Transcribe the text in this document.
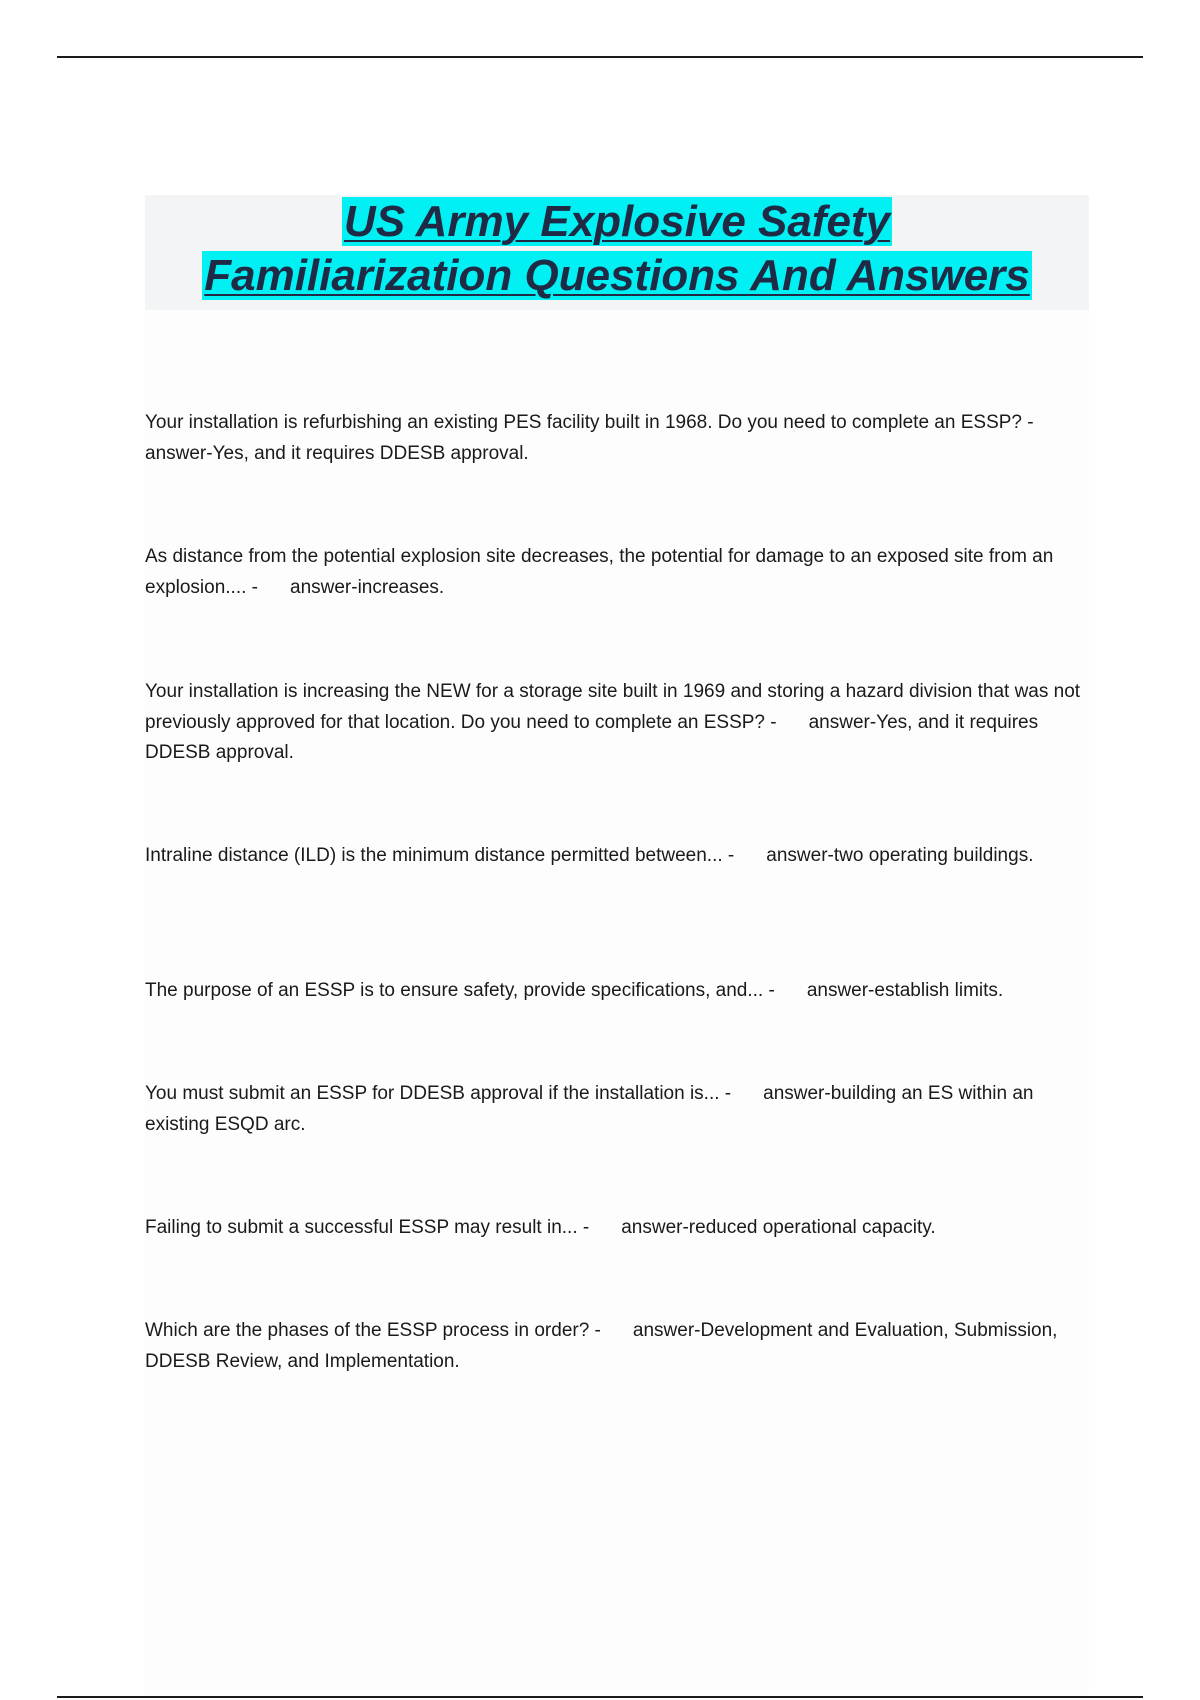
US Army Explosive Safety
Familiarization Questions And Answers
Your installation is refurbishing an existing PES facility built in 1968. Do you need to complete an ESSP? - answer-Yes, and it requires DDESB approval.
As distance from the potential explosion site decreases, the potential for damage to an exposed site from an explosion.... - answer-increases.
Your installation is increasing the NEW for a storage site built in 1969 and storing a hazard division that was not previously approved for that location. Do you need to complete an ESSP? - answer-Yes, and it requires DDESB approval.
Intraline distance (ILD) is the minimum distance permitted between... - answer-two operating buildings.
The purpose of an ESSP is to ensure safety, provide specifications, and... - answer-establish limits.
You must submit an ESSP for DDESB approval if the installation is... - answer-building an ES within an existing ESQD arc.
Failing to submit a successful ESSP may result in... - answer-reduced operational capacity.
Which are the phases of the ESSP process in order? - answer-Development and Evaluation, Submission, DDESB Review, and Implementation.
